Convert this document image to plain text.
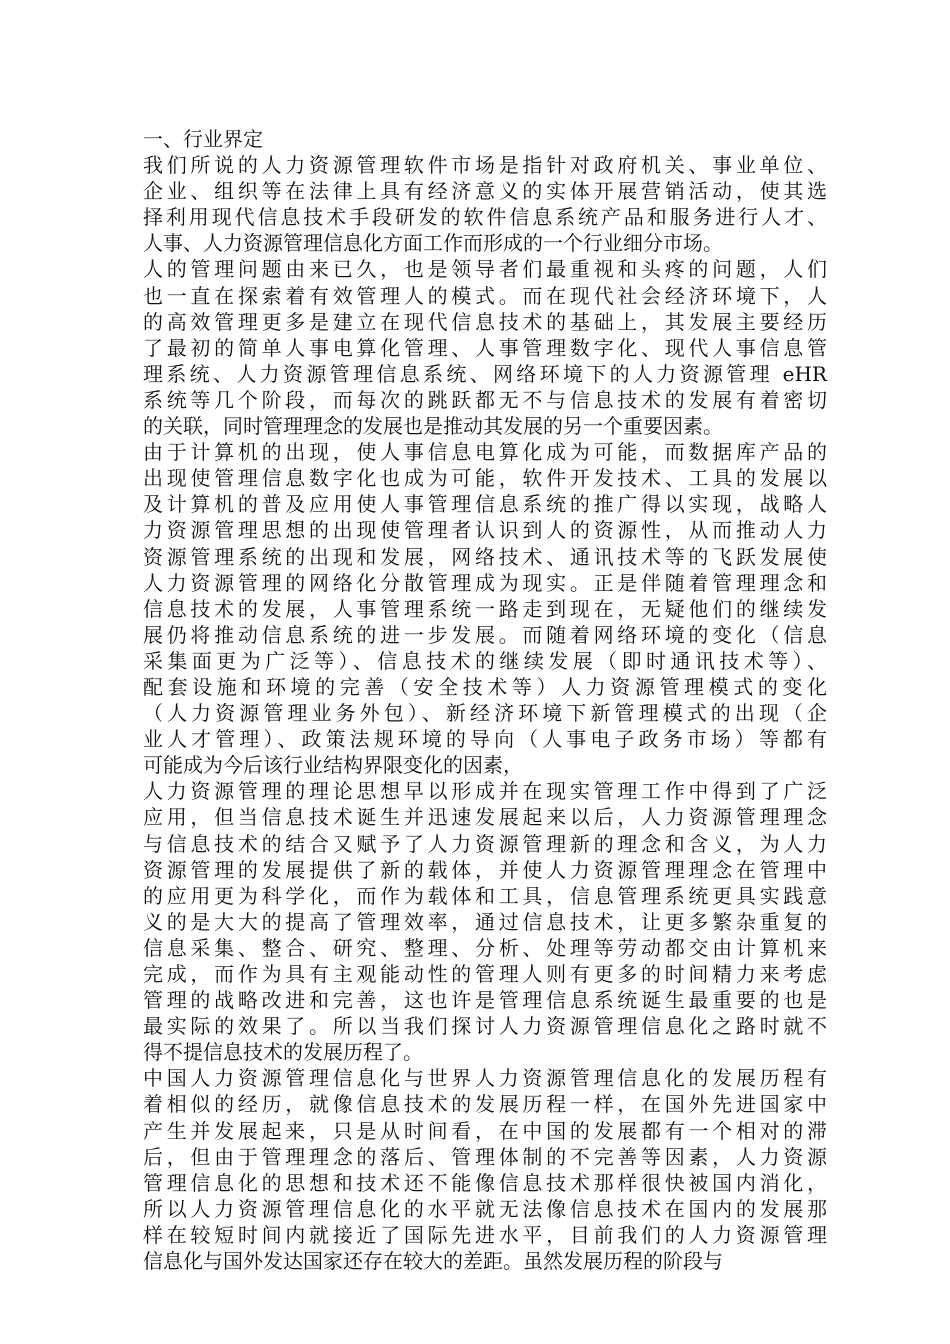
一、行业界定
我们所说的人力资源管理软件市场是指针对政府机关、事业单位、
企业、组织等在法律上具有经济意义的实体开展营销活动，使其选
择利用现代信息技术手段研发的软件信息系统产品和服务进行人才、
人事、人力资源管理信息化方面工作而形成的一个行业细分市场。
人的管理问题由来已久，也是领导者们最重视和头疼的问题，人们
也一直在探索着有效管理人的模式。而在现代社会经济环境下，人
的高效管理更多是建立在现代信息技术的基础上，其发展主要经历
了最初的简单人事电算化管理、人事管理数字化、现代人事信息管
理系统、人力资源管理信息系统、网络环境下的人力资源管理 eHR
系统等几个阶段，而每次的跳跃都无不与信息技术的发展有着密切
的关联，同时管理理念的发展也是推动其发展的另一个重要因素。
由于计算机的出现，使人事信息电算化成为可能，而数据库产品的
出现使管理信息数字化也成为可能，软件开发技术、工具的发展以
及计算机的普及应用使人事管理信息系统的推广得以实现，战略人
力资源管理思想的出现使管理者认识到人的资源性，从而推动人力
资源管理系统的出现和发展，网络技术、通讯技术等的飞跃发展使
人力资源管理的网络化分散管理成为现实。正是伴随着管理理念和
信息技术的发展，人事管理系统一路走到现在，无疑他们的继续发
展仍将推动信息系统的进一步发展。而随着网络环境的变化（信息
采集面更为广泛等）、信息技术的继续发展（即时通讯技术等）、
配套设施和环境的完善（安全技术等）人力资源管理模式的变化
（人力资源管理业务外包）、新经济环境下新管理模式的出现（企
业人才管理）、政策法规环境的导向（人事电子政务市场）等都有
可能成为今后该行业结构界限变化的因素，
人力资源管理的理论思想早以形成并在现实管理工作中得到了广泛
应用，但当信息技术诞生并迅速发展起来以后，人力资源管理理念
与信息技术的结合又赋予了人力资源管理新的理念和含义，为人力
资源管理的发展提供了新的载体，并使人力资源管理理念在管理中
的应用更为科学化，而作为载体和工具，信息管理系统更具实践意
义的是大大的提高了管理效率，通过信息技术，让更多繁杂重复的
信息采集、整合、研究、整理、分析、处理等劳动都交由计算机来
完成，而作为具有主观能动性的管理人则有更多的时间精力来考虑
管理的战略改进和完善，这也许是管理信息系统诞生最重要的也是
最实际的效果了。所以当我们探讨人力资源管理信息化之路时就不
得不提信息技术的发展历程了。
中国人力资源管理信息化与世界人力资源管理信息化的发展历程有
着相似的经历，就像信息技术的发展历程一样，在国外先进国家中
产生并发展起来，只是从时间看，在中国的发展都有一个相对的滞
后，但由于管理理念的落后、管理体制的不完善等因素，人力资源
管理信息化的思想和技术还不能像信息技术那样很快被国内消化，
所以人力资源管理信息化的水平就无法像信息技术在国内的发展那
样在较短时间内就接近了国际先进水平，目前我们的人力资源管理
信息化与国外发达国家还存在较大的差距。虽然发展历程的阶段与
